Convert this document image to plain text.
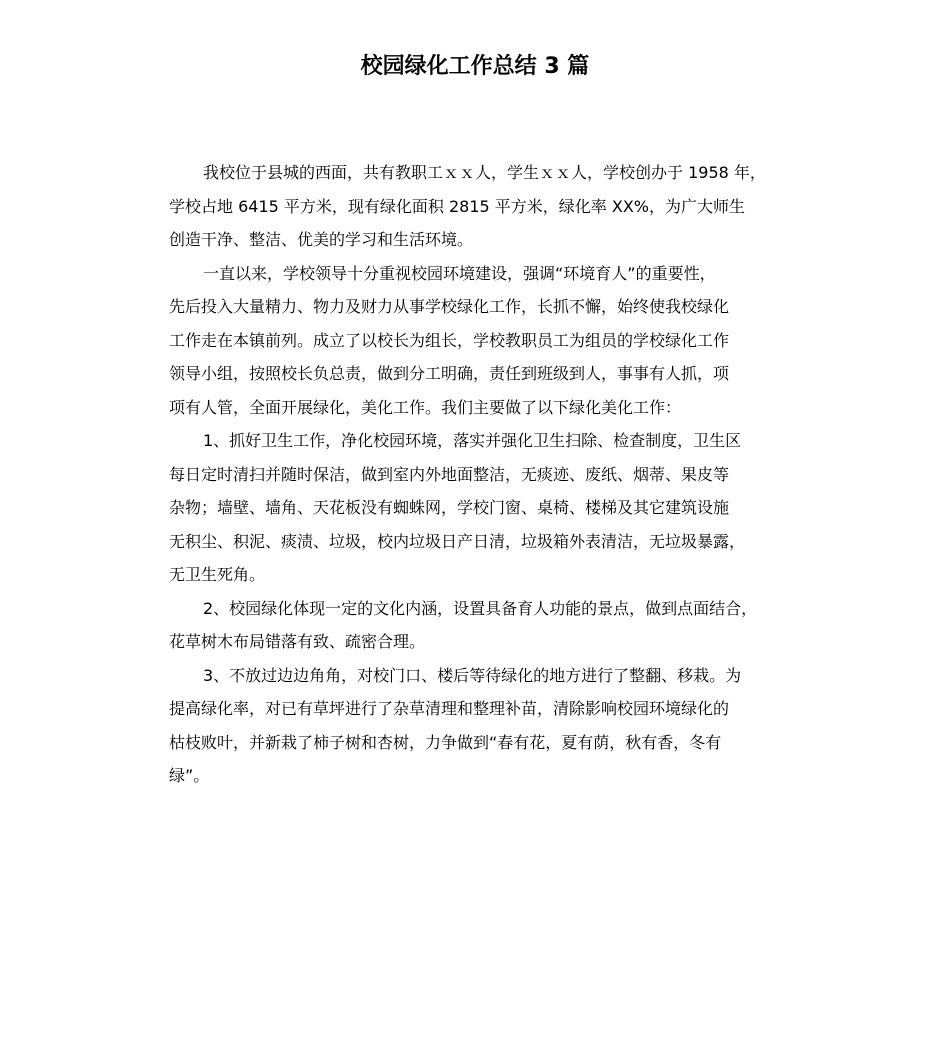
校园绿化工作总结 3 篇

我校位于县城的西面，共有教职工ｘｘ人，学生ｘｘ人，学校创办于 1958 年，

学校占地 6415 平方米，现有绿化面积 2815 平方米，绿化率 XX%，为广大师生

创造干净、整洁、优美的学习和生活环境。

一直以来，学校领导十分重视校园环境建设，强调“环境育人”的重要性，

先后投入大量精力、物力及财力从事学校绿化工作，长抓不懈，始终使我校绿化

工作走在本镇前列。成立了以校长为组长，学校教职员工为组员的学校绿化工作

领导小组，按照校长负总责，做到分工明确，责任到班级到人，事事有人抓，项

项有人管，全面开展绿化，美化工作。我们主要做了以下绿化美化工作：

1、抓好卫生工作，净化校园环境，落实并强化卫生扫除、检查制度，卫生区

每日定时清扫并随时保洁，做到室内外地面整洁，无痰迹、废纸、烟蒂、果皮等

杂物；墙壁、墙角、天花板没有蜘蛛网，学校门窗、桌椅、楼梯及其它建筑设施

无积尘、积泥、痰渍、垃圾，校内垃圾日产日清，垃圾箱外表清洁，无垃圾暴露，

无卫生死角。

2、校园绿化体现一定的文化内涵，设置具备育人功能的景点，做到点面结合，

花草树木布局错落有致、疏密合理。

3、不放过边边角角，对校门口、楼后等待绿化的地方进行了整翻、移栽。为

提高绿化率，对已有草坪进行了杂草清理和整理补苗，清除影响校园环境绿化的

枯枝败叶，并新栽了柿子树和杏树，力争做到“春有花，夏有荫，秋有香，冬有

绿”。
